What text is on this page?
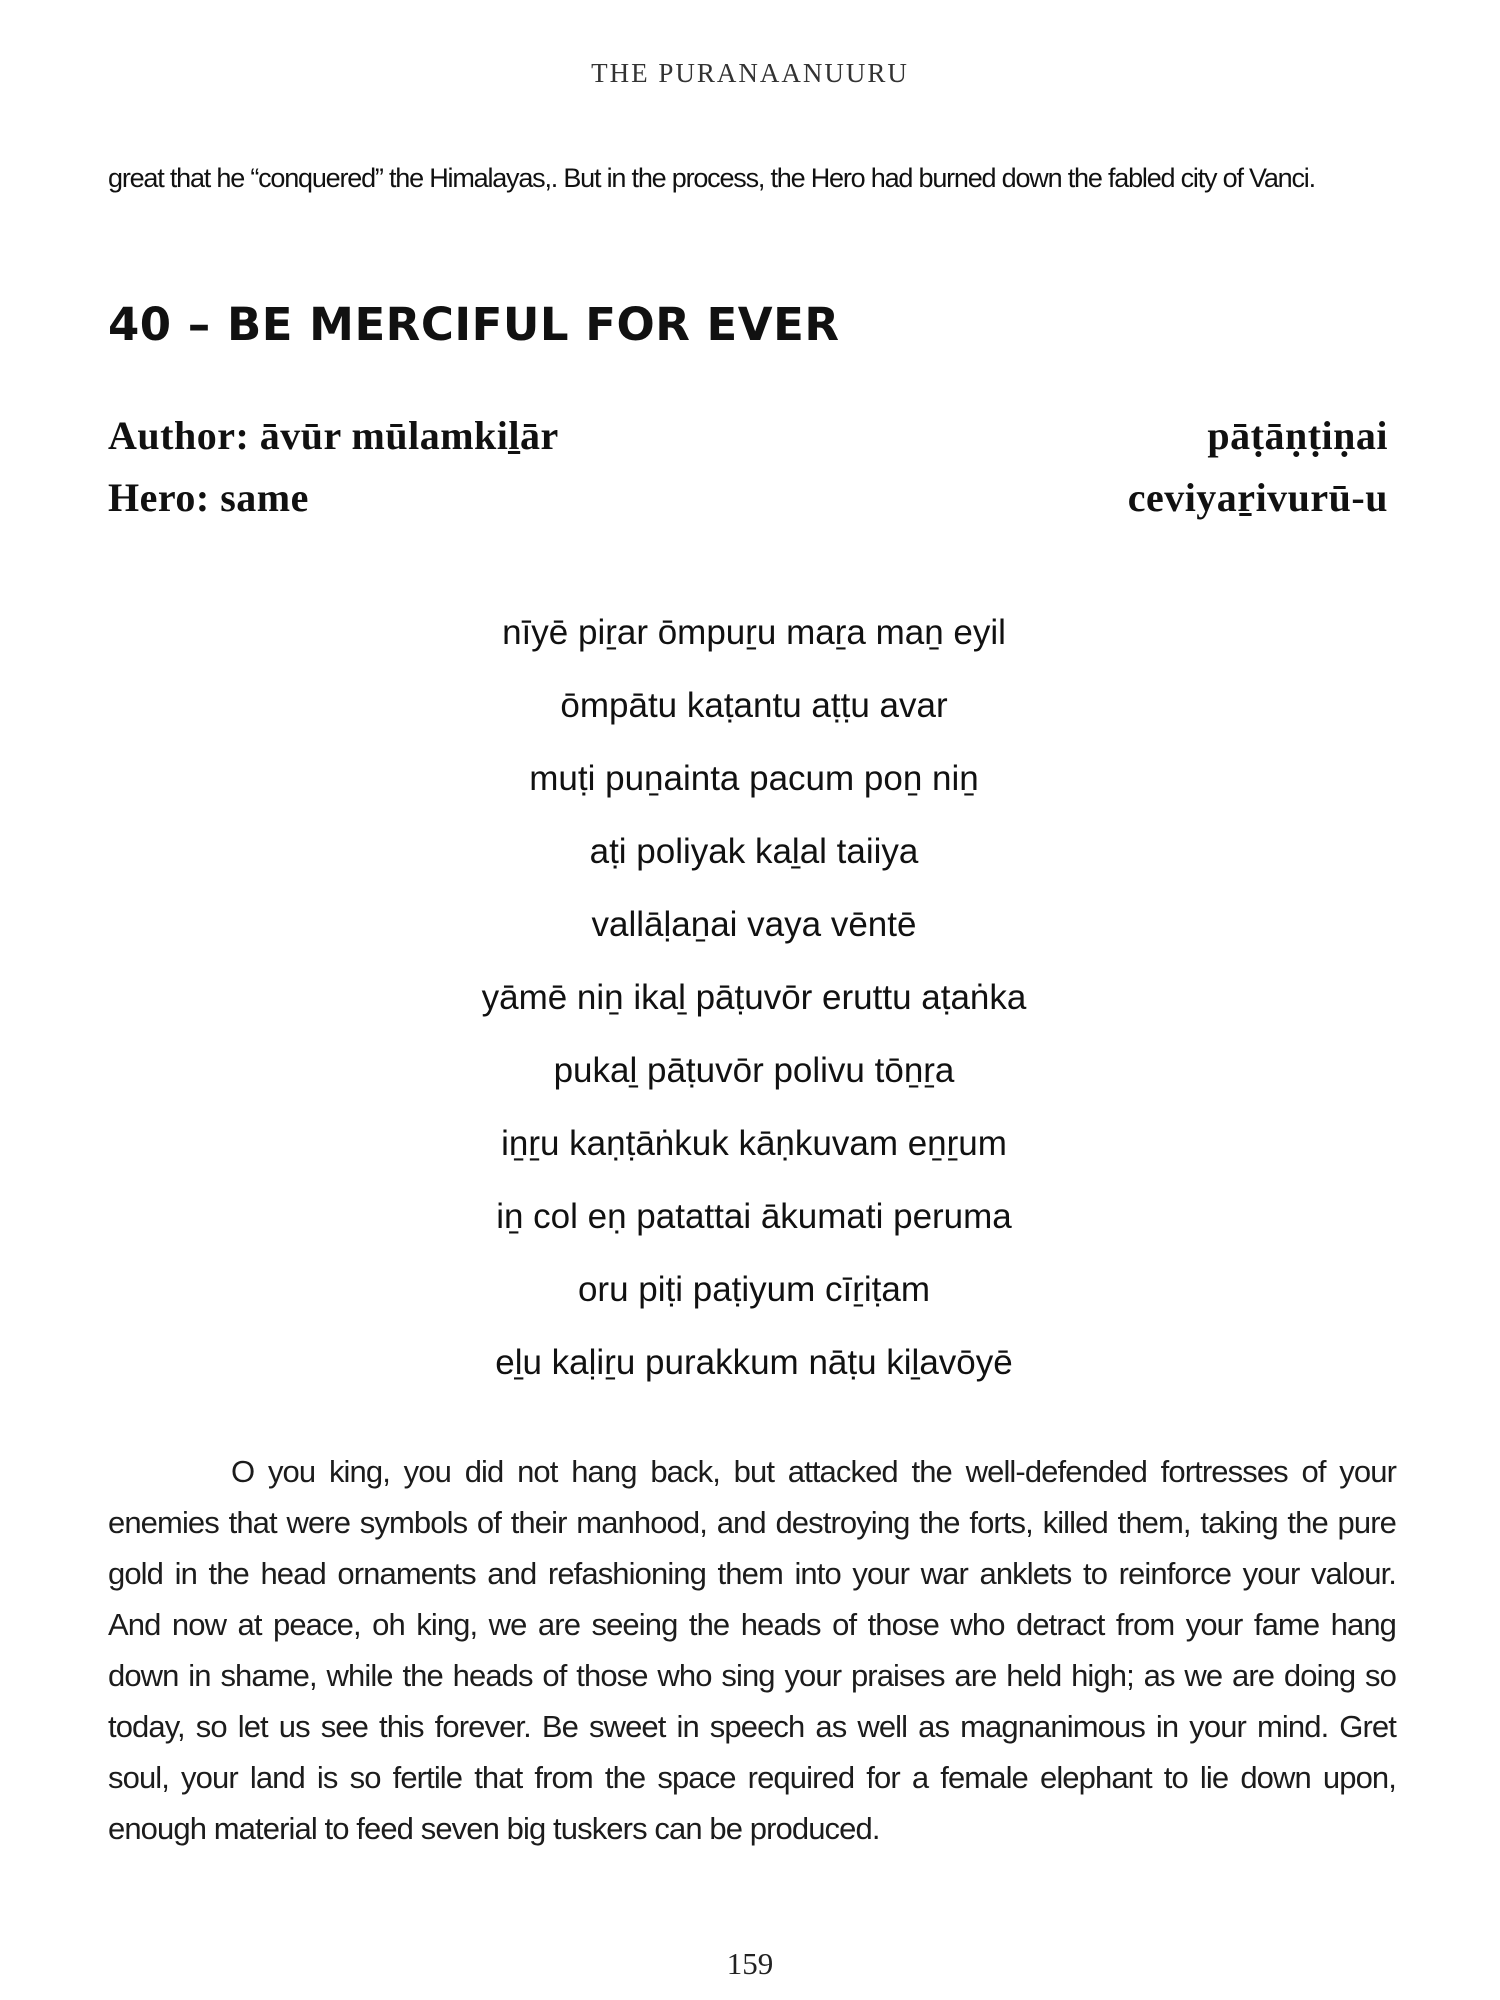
THE PURANAANUURU
great that he “conquered” the Himalayas,. But in the process, the Hero had burned down the fabled city of Vanci.
40 – BE MERCIFUL FOR EVER
Author: āvūr mūlamkiḻār	pāṭāṇṭiṇai
Hero: same	ceviyaṟivurū-u
nīyē piṟar ōmpuṟu maṟa maṉ eyil
ōmpātu kaṭantu aṭṭu avar
muṭi puṉainta pacum poṉ niṉ
aṭi poliyak kaḻal taiiya
vallāḷaṉai vaya vēntē
yāmē niṉ ikaḻ pāṭuvōr eruttu aṭaṅka
pukaḻ pāṭuvōr polivu tōṉṟa
iṉṟu kaṇṭāṅkuk kāṇkuvam eṉṟum
iṉ col eṇ patattai ākumati peruma
oru piṭi paṭiyum cīṟiṭam
eḻu kaḷiṟu purakkum nāṭu kiḻavōyē

O you king, you did not hang back, but attacked the well-defended fortresses of your enemies that were symbols of their manhood, and destroying the forts, killed them, taking the pure gold in the head ornaments and refashioning them into your war anklets to reinforce your valour. And now at peace, oh king, we are seeing the heads of those who detract from your fame hang down in shame, while the heads of those who sing your praises are held high; as we are doing so today, so let us see this forever. Be sweet in speech as well as magnanimous in your mind. Gret soul, your land is so fertile that from the space required for a female elephant to lie down upon, enough material to feed seven big tuskers can be produced.

159
